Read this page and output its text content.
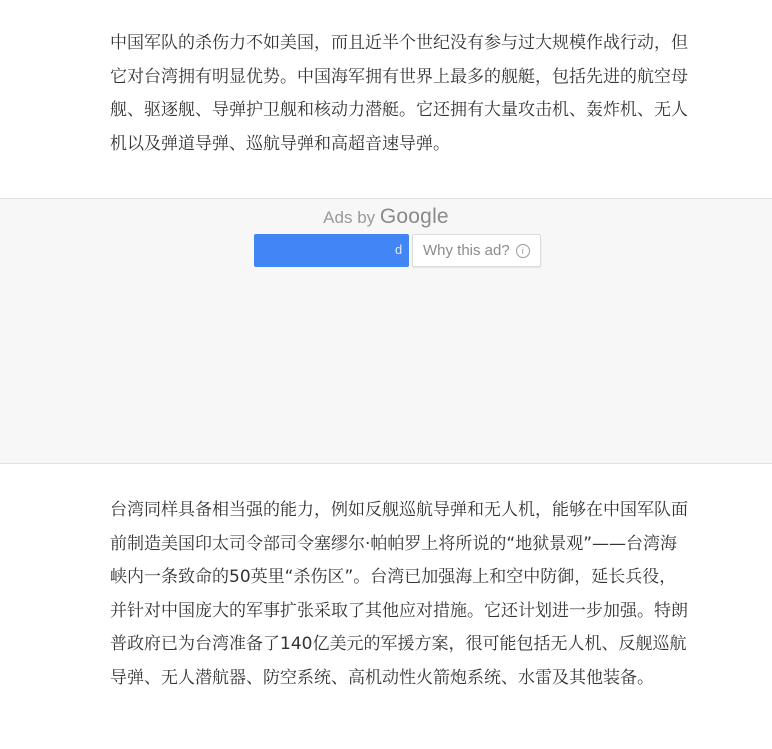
中国军队的杀伤力不如美国，而且近半个世纪没有参与过大规模作战行动，但它对台湾拥有明显优势。中国海军拥有世界上最多的舰艇，包括先进的航空母舰、驱逐舰、导弹护卫舰和核动力潜艇。它还拥有大量攻击机、轰炸机、无人机以及弹道导弹、巡航导弹和高超音速导弹。

Ads by Google
d Why this ad?	i

台湾同样具备相当强的能力，例如反舰巡航导弹和无人机，能够在中国军队面前制造美国印太司令部司令塞缪尔·帕帕罗上将所说的“地狱景观”——台湾海峡内一条致命的50英里“杀伤区”。台湾已加强海上和空中防御，延长兵役，并针对中国庞大的军事扩张采取了其他应对措施。它还计划进一步加强。特朗普政府已为台湾准备了140亿美元的军援方案，很可能包括无人机、反舰巡航导弹、无人潜航器、防空系统、高机动性火箭炮系统、水雷及其他装备。
